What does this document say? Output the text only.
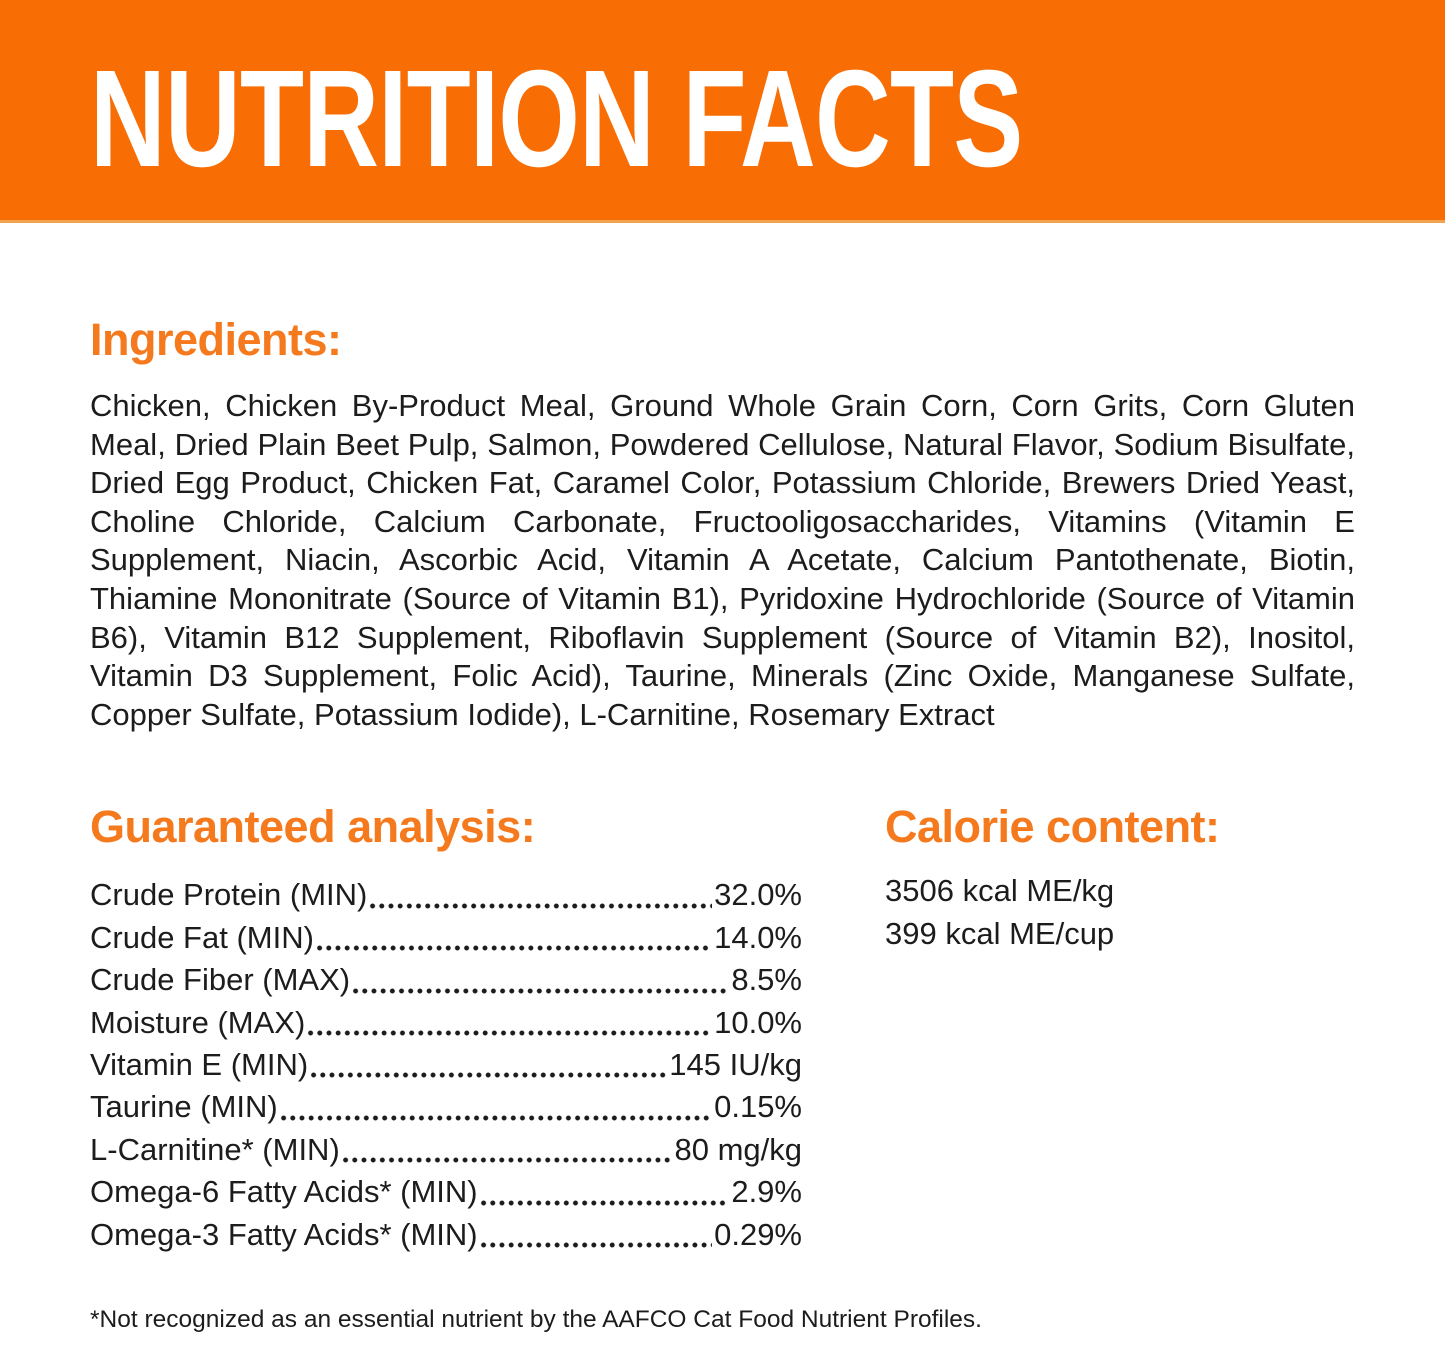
NUTRITION FACTS
Ingredients:

Chicken, Chicken By-Product Meal, Ground Whole Grain Corn, Corn Grits, Corn Gluten Meal, Dried Plain Beet Pulp, Salmon, Powdered Cellulose, Natural Flavor, Sodium Bisulfate, Dried Egg Product, Chicken Fat, Caramel Color, Potassium Chloride, Brewers Dried Yeast, Choline Chloride, Calcium Carbonate, Fructooligosaccharides, Vitamins (Vitamin E Supplement, Niacin, Ascorbic Acid, Vitamin A Acetate, Calcium Pantothenate, Biotin, Thiamine Mononitrate (Source of Vitamin B1), Pyridoxine Hydrochloride (Source of Vitamin B6), Vitamin B12 Supplement, Riboflavin Supplement (Source of Vitamin B2), Inositol, Vitamin D3 Supplement, Folic Acid), Taurine, Minerals (Zinc Oxide, Manganese Sulfate, Copper Sulfate, Potassium Iodide), L-Carnitine, Rosemary Extract

Guaranteed analysis:
Crude Protein (MIN)	32.0%
Crude Fat (MIN)	14.0%
Crude Fiber (MAX)	8.5%
Moisture (MAX)	10.0%
Vitamin E (MIN)	145 IU/kg
Taurine (MIN)	0.15%
L-Carnitine* (MIN)	80 mg/kg
Omega-6 Fatty Acids* (MIN)	2.9%
Omega-3 Fatty Acids* (MIN)	0.29%
Calorie content:
3506 kcal ME/kg
399 kcal ME/cup
*Not recognized as an essential nutrient by the AAFCO Cat Food Nutrient Profiles.
